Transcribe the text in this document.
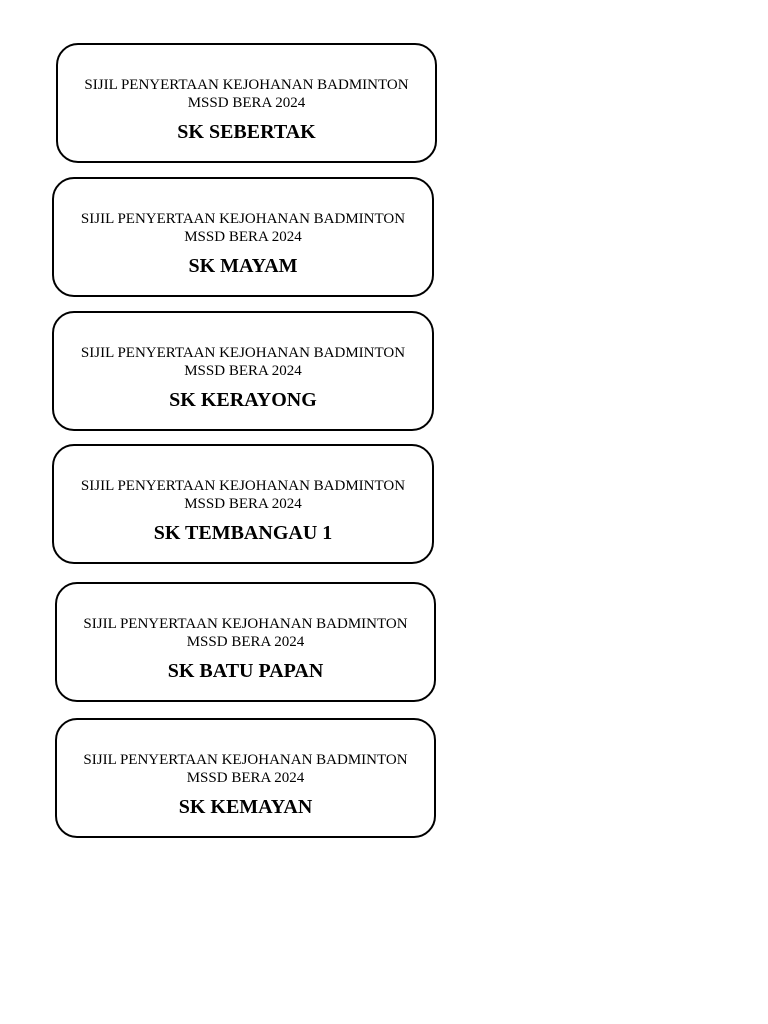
SIJIL PENYERTAAN KEJOHANAN BADMINTON
MSSD BERA 2024
SK SEBERTAK
SIJIL PENYERTAAN KEJOHANAN BADMINTON
MSSD BERA 2024
SK MAYAM
SIJIL PENYERTAAN KEJOHANAN BADMINTON
MSSD BERA 2024
SK KERAYONG
SIJIL PENYERTAAN KEJOHANAN BADMINTON
MSSD BERA 2024
SK TEMBANGAU 1
SIJIL PENYERTAAN KEJOHANAN BADMINTON
MSSD BERA 2024
SK BATU PAPAN
SIJIL PENYERTAAN KEJOHANAN BADMINTON
MSSD BERA 2024
SK KEMAYAN
